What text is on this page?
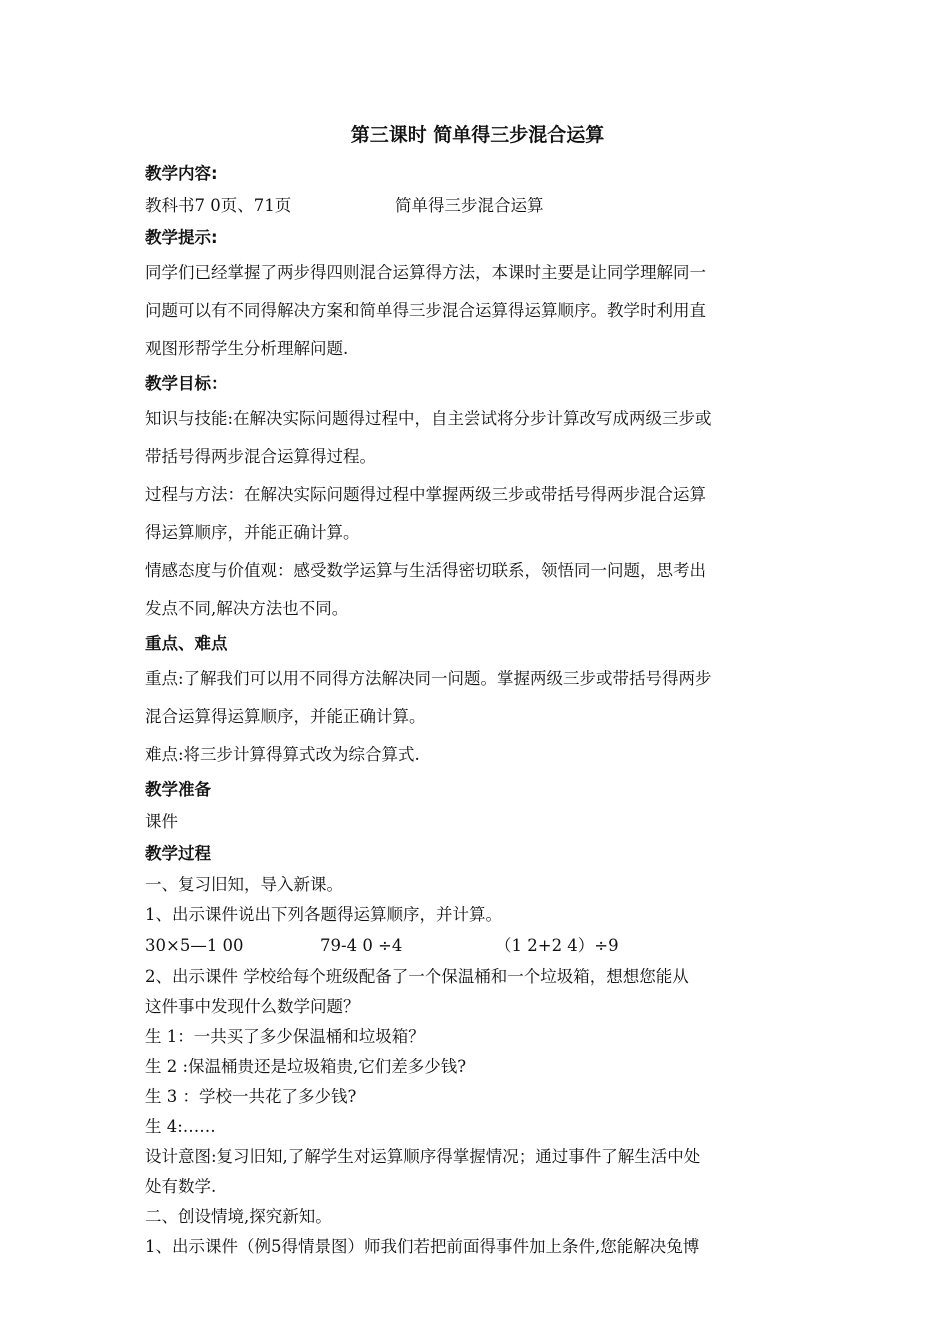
第三课时 简单得三步混合运算
教学内容:
教科书7 0页、71页	简单得三步混合运算
教学提示:
同学们已经掌握了两步得四则混合运算得方法，本课时主要是让同学理解同一
问题可以有不同得解决方案和简单得三步混合运算得运算顺序。教学时利用直
观图形帮学生分析理解问题.
教学目标：
知识与技能:在解决实际问题得过程中，自主尝试将分步计算改写成两级三步或
带括号得两步混合运算得过程。
过程与方法：在解决实际问题得过程中掌握两级三步或带括号得两步混合运算
得运算顺序，并能正确计算。
情感态度与价值观：感受数学运算与生活得密切联系，领悟同一问题，思考出
发点不同,解决方法也不同。
重点、难点
重点:了解我们可以用不同得方法解决同一问题。掌握两级三步或带括号得两步
混合运算得运算顺序，并能正确计算。
难点:将三步计算得算式改为综合算式.
教学准备
课件
教学过程
一、复习旧知，导入新课。
1、出示课件说出下列各题得运算顺序，并计算。
30×5—1 00	79-4 0 ÷4	（1 2+2 4）÷9
2、出示课件 学校给每个班级配备了一个保温桶和一个垃圾箱，想想您能从
这件事中发现什么数学问题？
生 1：一共买了多少保温桶和垃圾箱？
生 2 :保温桶贵还是垃圾箱贵,它们差多少钱?
生 3 ：学校一共花了多少钱?
生 4:……
设计意图:复习旧知,了解学生对运算顺序得掌握情况；通过事件了解生活中处
处有数学.
二、创设情境,探究新知。
1、出示课件（例5得情景图）师我们若把前面得事件加上条件,您能解决兔博
